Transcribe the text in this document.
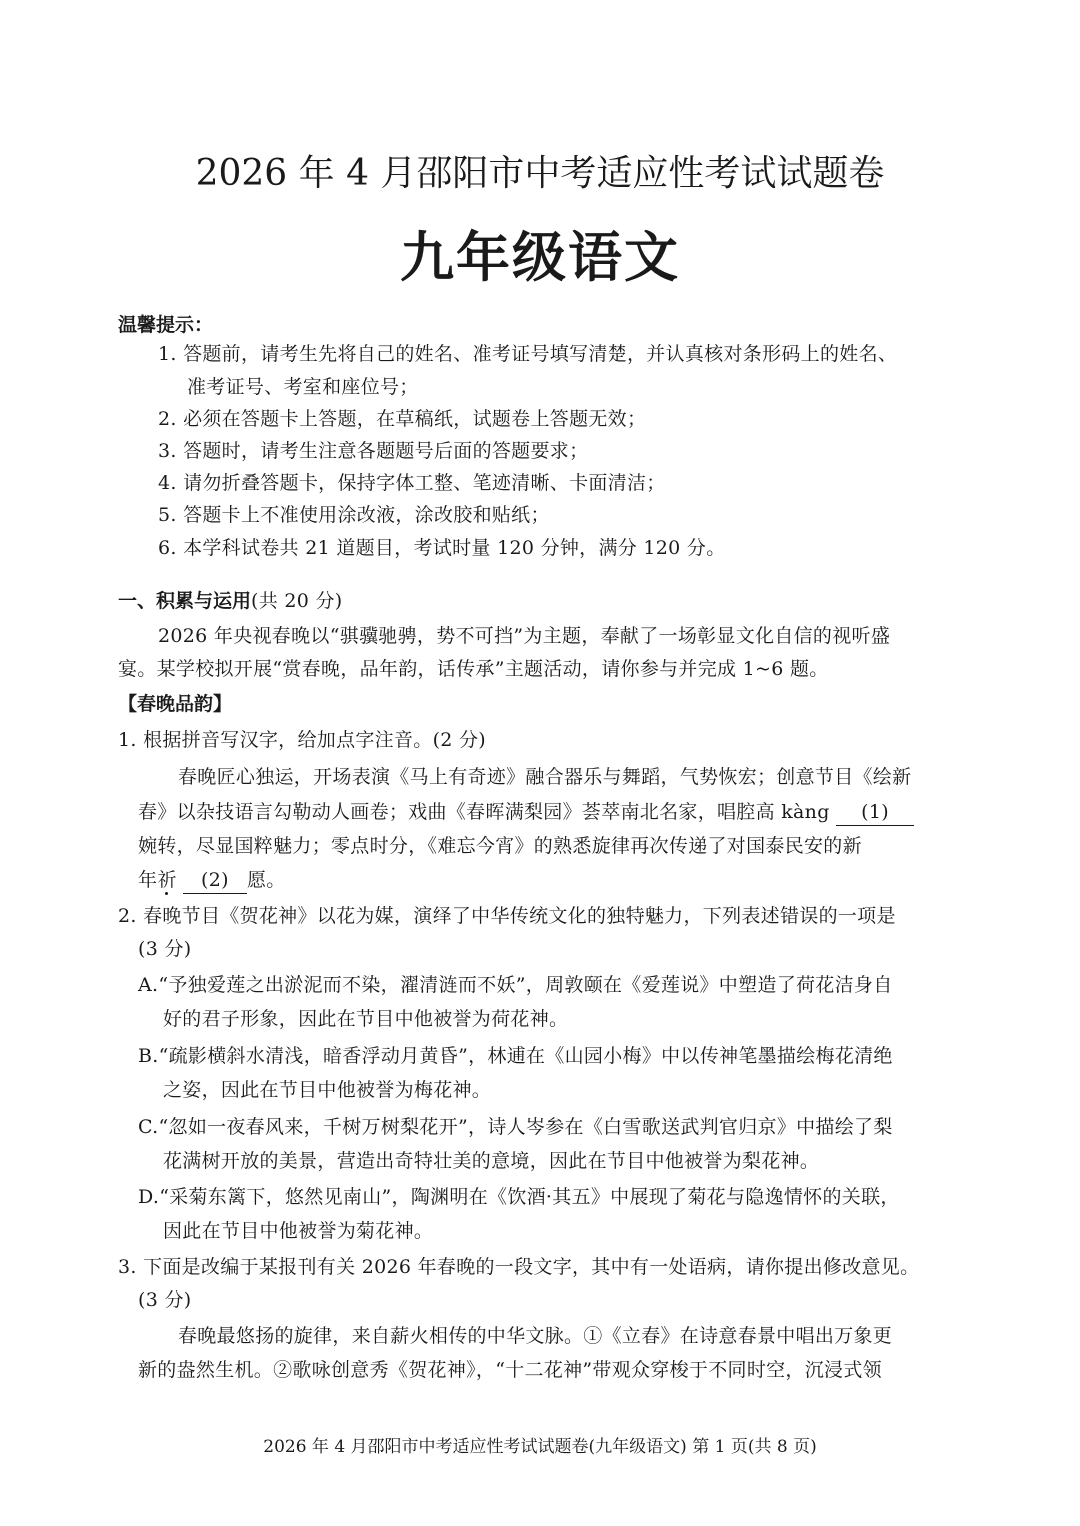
2026 年 4 月邵阳市中考适应性考试试题卷
九年级语文
温馨提示：
1. 答题前，请考生先将自己的姓名、准考证号填写清楚，并认真核对条形码上的姓名、
准考证号、考室和座位号；
2. 必须在答题卡上答题，在草稿纸，试题卷上答题无效；
3. 答题时，请考生注意各题题号后面的答题要求；
4. 请勿折叠答题卡，保持字体工整、笔迹清晰、卡面清洁；
5. 答题卡上不准使用涂改液，涂改胶和贴纸；
6. 本学科试卷共 21 道题目，考试时量 120 分钟，满分 120 分。
一、积累与运用(共 20 分)
2026 年央视春晚以“骐骥驰骋，势不可挡”为主题，奉献了一场彰显文化自信的视听盛
宴。某学校拟开展“赏春晚，品年韵，话传承”主题活动，请你参与并完成 1~6 题。
【春晚品韵】
1. 根据拼音写汉字，给加点字注音。(2 分)
春晚匠心独运，开场表演《马上有奇迹》融合器乐与舞蹈，气势恢宏；创意节目《绘新
春》以杂技语言勾勒动人画卷；戏曲《春晖满梨园》荟萃南北名家，唱腔高 kàng (1)
婉转，尽显国粹魅力；零点时分，《难忘今宵》的熟悉旋律再次传递了对国泰民安的新
年祈 (2) 愿。
2. 春晚节目《贺花神》以花为媒，演绎了中华传统文化的独特魅力，下列表述错误的一项是
(3 分)
A.“予独爱莲之出淤泥而不染，濯清涟而不妖”，周敦颐在《爱莲说》中塑造了荷花洁身自
好的君子形象，因此在节目中他被誉为荷花神。
B.“疏影横斜水清浅，暗香浮动月黄昏”，林逋在《山园小梅》中以传神笔墨描绘梅花清绝
之姿，因此在节目中他被誉为梅花神。
C.“忽如一夜春风来，千树万树梨花开”，诗人岑参在《白雪歌送武判官归京》中描绘了梨
花满树开放的美景，营造出奇特壮美的意境，因此在节目中他被誉为梨花神。
D.“采菊东篱下，悠然见南山”，陶渊明在《饮酒·其五》中展现了菊花与隐逸情怀的关联，
因此在节目中他被誉为菊花神。
3. 下面是改编于某报刊有关 2026 年春晚的一段文字，其中有一处语病，请你提出修改意见。
(3 分)
春晚最悠扬的旋律，来自薪火相传的中华文脉。①《立春》在诗意春景中唱出万象更
新的盎然生机。②歌咏创意秀《贺花神》，“十二花神”带观众穿梭于不同时空，沉浸式领
2026 年 4 月邵阳市中考适应性考试试题卷(九年级语文) 第 1 页(共 8 页)
